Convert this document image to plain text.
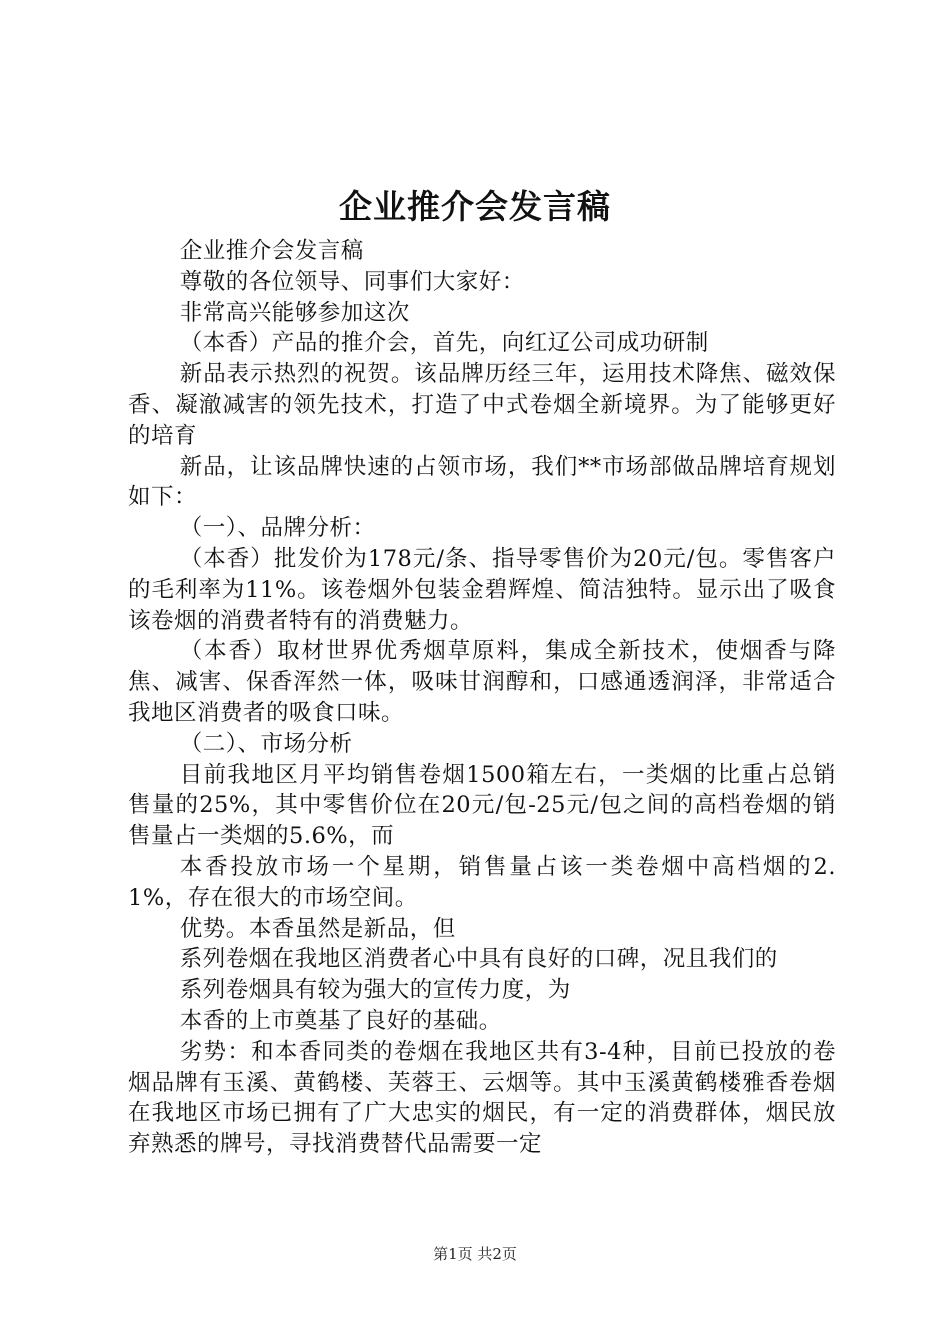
企业推介会发言稿

企业推介会发言稿

尊敬的各位领导、同事们大家好：

非常高兴能够参加这次

（本香）产品的推介会，首先，向红辽公司成功研制

新品表示热烈的祝贺。该品牌历经三年，运用技术降焦、磁效保香、凝澈减害的领先技术，打造了中式卷烟全新境界。为了能够更好的培育

新品，让该品牌快速的占领市场，我们**市场部做品牌培育规划如下：

（一）、品牌分析：

（本香）批发价为178元/条、指导零售价为20元/包。零售客户的毛利率为11%。该卷烟外包装金碧辉煌、简洁独特。显示出了吸食该卷烟的消费者特有的消费魅力。

（本香）取材世界优秀烟草原料，集成全新技术，使烟香与降焦、减害、保香浑然一体，吸味甘润醇和，口感通透润泽，非常适合我地区消费者的吸食口味。

（二）、市场分析

目前我地区月平均销售卷烟1500箱左右，一类烟的比重占总销售量的25%，其中零售价位在20元/包-25元/包之间的高档卷烟的销售量占一类烟的5.6%，而

本香投放市场一个星期，销售量占该一类卷烟中高档烟的2.1%，存在很大的市场空间。

优势。本香虽然是新品，但

系列卷烟在我地区消费者心中具有良好的口碑，况且我们的

系列卷烟具有较为强大的宣传力度，为

本香的上市奠基了良好的基础。

劣势：和本香同类的卷烟在我地区共有3-4种，目前已投放的卷烟品牌有玉溪、黄鹤楼、芙蓉王、云烟等。其中玉溪黄鹤楼雅香卷烟在我地区市场已拥有了广大忠实的烟民，有一定的消费群体，烟民放弃熟悉的牌号，寻找消费替代品需要一定

第1页 共2页
